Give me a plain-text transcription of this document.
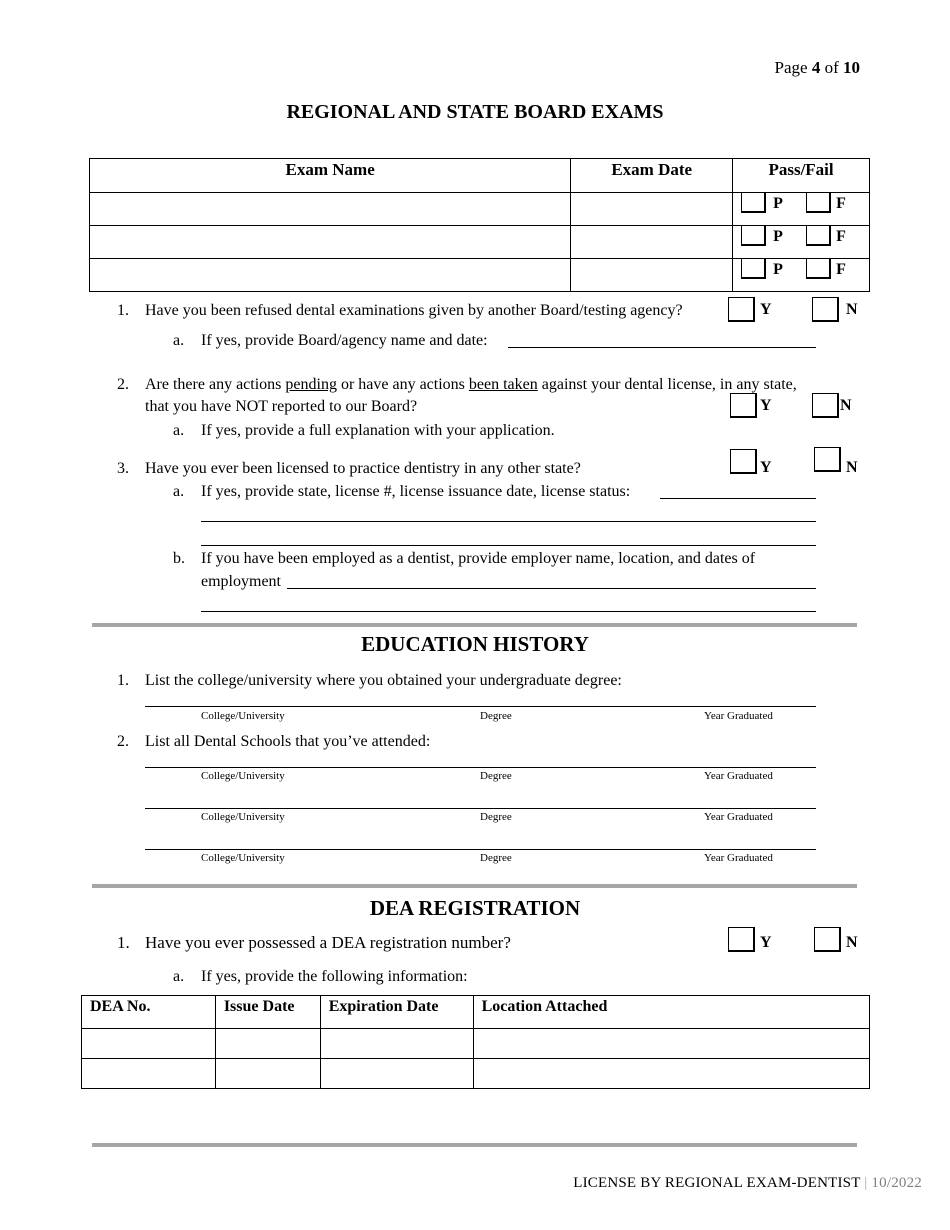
Page 4 of 10
REGIONAL AND STATE BOARD EXAMS
Exam Name	Exam Date	Pass/Fail

		P F

		P F

		P F
1. Have you been refused dental examinations given by another Board/testing agency?	Y	N
a. If yes, provide Board/agency name and date:
2. Are there any actions pending or have any actions been taken against your dental license, in any state,
that you have NOT reported to our Board?	Y	N
a. If yes, provide a full explanation with your application.
3. Have you ever been licensed to practice dentistry in any other state?	Y	N
a. If yes, provide state, license #, license issuance date, license status:
b. If you have been employed as a dentist, provide employer name, location, and dates of
employment
EDUCATION HISTORY
1. List the college/university where you obtained your undergraduate degree:
College/University	Degree	Year Graduated
2. List all Dental Schools that you’ve attended:
College/University	Degree	Year Graduated
College/University	Degree	Year Graduated
College/University	Degree	Year Graduated
DEA REGISTRATION
1. Have you ever possessed a DEA registration number?	Y	N
a. If yes, provide the following information:
DEA No.	Issue Date	Expiration Date	Location Attached

LICENSE BY REGIONAL EXAM-DENTIST | 10/2022
